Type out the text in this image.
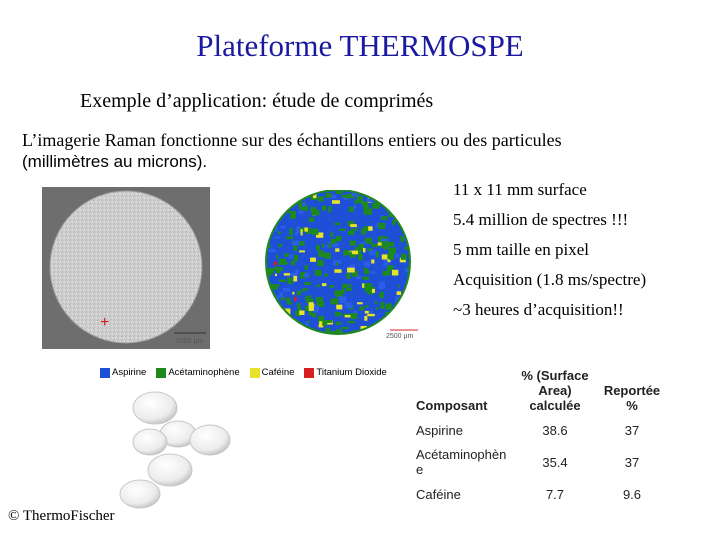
Plateforme THERMOSPE
Exemple d’application: étude de comprimés
L’imagerie Raman fonctionne sur des échantillons entiers ou des particules
(millimètres au microns).
11 x 11 mm surface
5.4 million de spectres !!!
5 mm taille en pixel
Acquisition (1.8 ms/spectre)
~3 heures d’acquisition!!
+
2500 µm
2500 µm
Aspirine Acétaminophène Caféine Titanium Dioxide
Composant	% (Surface Area) calculée	Reportée %
Aspirine	38.6	37
Acétaminophène	35.4	37
Caféine	7.7	9.6
© ThermoFischer
